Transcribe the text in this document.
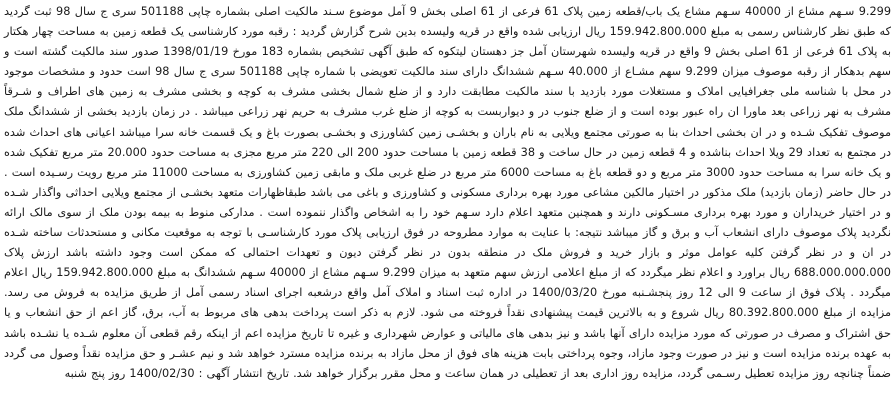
9.299 سـهم مشاع از 40000 سـهم مشاع یک باب/قطعه زمین پلاک 61 فرعی از 61 اصلی بخش 9 آمل موضوع سـند مالکیت اصلی بشماره چاپی 501188 سری ج سال 98 ثبت گردید که طبق نظر کارشناس رسمی به مبلغ 159.942.800.000 ریال ارزیابی شده واقع در قریه ولیسده بدین شرح گزارش گردید : رقبه مورد کارشناسی یک قطعه زمین به مساحت چهار هکتار به پلاک 61 فرعی از 61 اصلی بخش 9 واقع در قریه ولیسده شهرستان آمل جز دهستان لیتکوه که طبق آگهی تشخیص بشماره 183 مورخ 1398/01/19 صدور سند مالکیت گشته است و سهم بدهکار از رقبه موصوف میزان 9.299 سهم مشـاع از 40.000 سـهم ششدانگ دارای سند مالکیت تعویضی با شماره چاپی 501188 سری ج سال 98 است حدود و مشخصات موجود در محل با شناسه ملی جغرافیایی املاک و مستغلات مورد بازدید با سند مالکیت مطابقت دارد و از ضلع شمال بخشی مشرف به کوچه و بخشی مشرف به زمین های اطراف و شـرقاً مشرف به نهر زراعی بعد ماورا ان راه عبور بوده است و از ضلع جنوب در و دیواربست به کوچه از ضلع غرب مشرف به حریم نهر زراعی میباشد . در زمان بازدید بخشی از ششدانگ ملک موصوف تفکیک شـده و در ان بخشی احداث بنا به صورتی مجتمع ویلایی به نام باران و بخشـی زمین کشاورزی و بخشـی بصورت باغ و یک قسمت خانه سرا میباشد اعیانی های احداث شده در مجتمع به تعداد 29 ویلا احداث بناشده و 4 قطعه زمین در حال ساخت و 38 قطعه زمین با مساحت حدود 200 الی 220 متر مربع مجزی به مساحت حدود 20.000 متر مربع تفکیک شده و یک خانه سرا به مساحت حدود 3000 متر مربع و دو قطعه باغ به مساحت 6000 متر مربع در ضلع غربی ملک و مابقی زمین کشاورزی به مساحت 11000 متر مربع رویت رسـیده است . در حال حاضر (زمان بازدید) ملک مذکور در اختیار مالکین مشاعی مورد بهره برداری مسکونی و کشاورزی و باغی می باشد طبقاظهارات متعهد بخشـی از مجتمع ویلایی احداثی واگذار شـده و در اختیار خریداران و مورد بهره برداری مسـکونی دارند و همچنین متعهد اعلام دارد سـهم خود را به اشخاص واگذار ننموده است . مدارکی منوط به بیمه بودن ملک از سوی مالک ارائه نگردید پلاک موصوف دارای انشعاب آب و برق و گاز میباشد نتیجه: با عنایت به موارد مطروحه در فوق ارزیابی پلاک مورد کارشناسـی با توجه به موقعیت مکانی و مستحدثات ساخته شـده در ان و در نظر گرفتن کلیه عوامل موثر و بازار خرید و فروش ملک در منطقه بدون در نظر گرفتن دیون و تعهدات احتمالی که ممکن است وجود داشته باشد ارزش پلاک 688.000.000.000 ریال براورد و اعلام نظر میگردد که از مبلغ اعلامی ارزش سهم متعهد به میزان 9.299 سـهم مشاع از 40000 سـهم ششدانگ به مبلغ 159.942.800.000 ریال اعلام میگردد . پلاک فوق از ساعت 9 الی 12 روز پنجشـنبه مورخ 1400/03/20 در اداره ثبت اسناد و املاک آمل واقع درشعبه اجرای اسناد رسمی آمل از طریق مزایده به فروش می رسد. مزایده از مبلغ 80.392.800.000 ریال شروع و به بالاترین قیمت پیشنهادی نقداً فروخته می شود. لازم به ذکر است پرداخت بدهی های مربوط به آب، برق، گاز اعم از حق انشعاب و یا حق اشتراک و مصرف در صورتی که مورد مزایده دارای آنها باشد و نیز بدهی های مالیاتی و عوارض شهرداری و غیره تا تاریخ مزایده اعم از اینکه رقم قطعی آن معلوم شـده یا نشـده باشد به عهده برنده مزایده است و نیز در صورت وجود مازاد، وجوه پرداختی بابت هزینه های فوق از محل مازاد به برنده مزایده مسترد خواهد شد و نیم عشـر و حق مزایده نقداً وصول می گردد ضمناً چنانچه روز مزایده تعطیل رسـمی گردد، مزایده روز اداری بعد از تعطیلی در همان ساعت و محل مقرر برگزار خواهد شد. تاریخ انتشار آگهی : 1400/02/30 روز پنج شنبه
